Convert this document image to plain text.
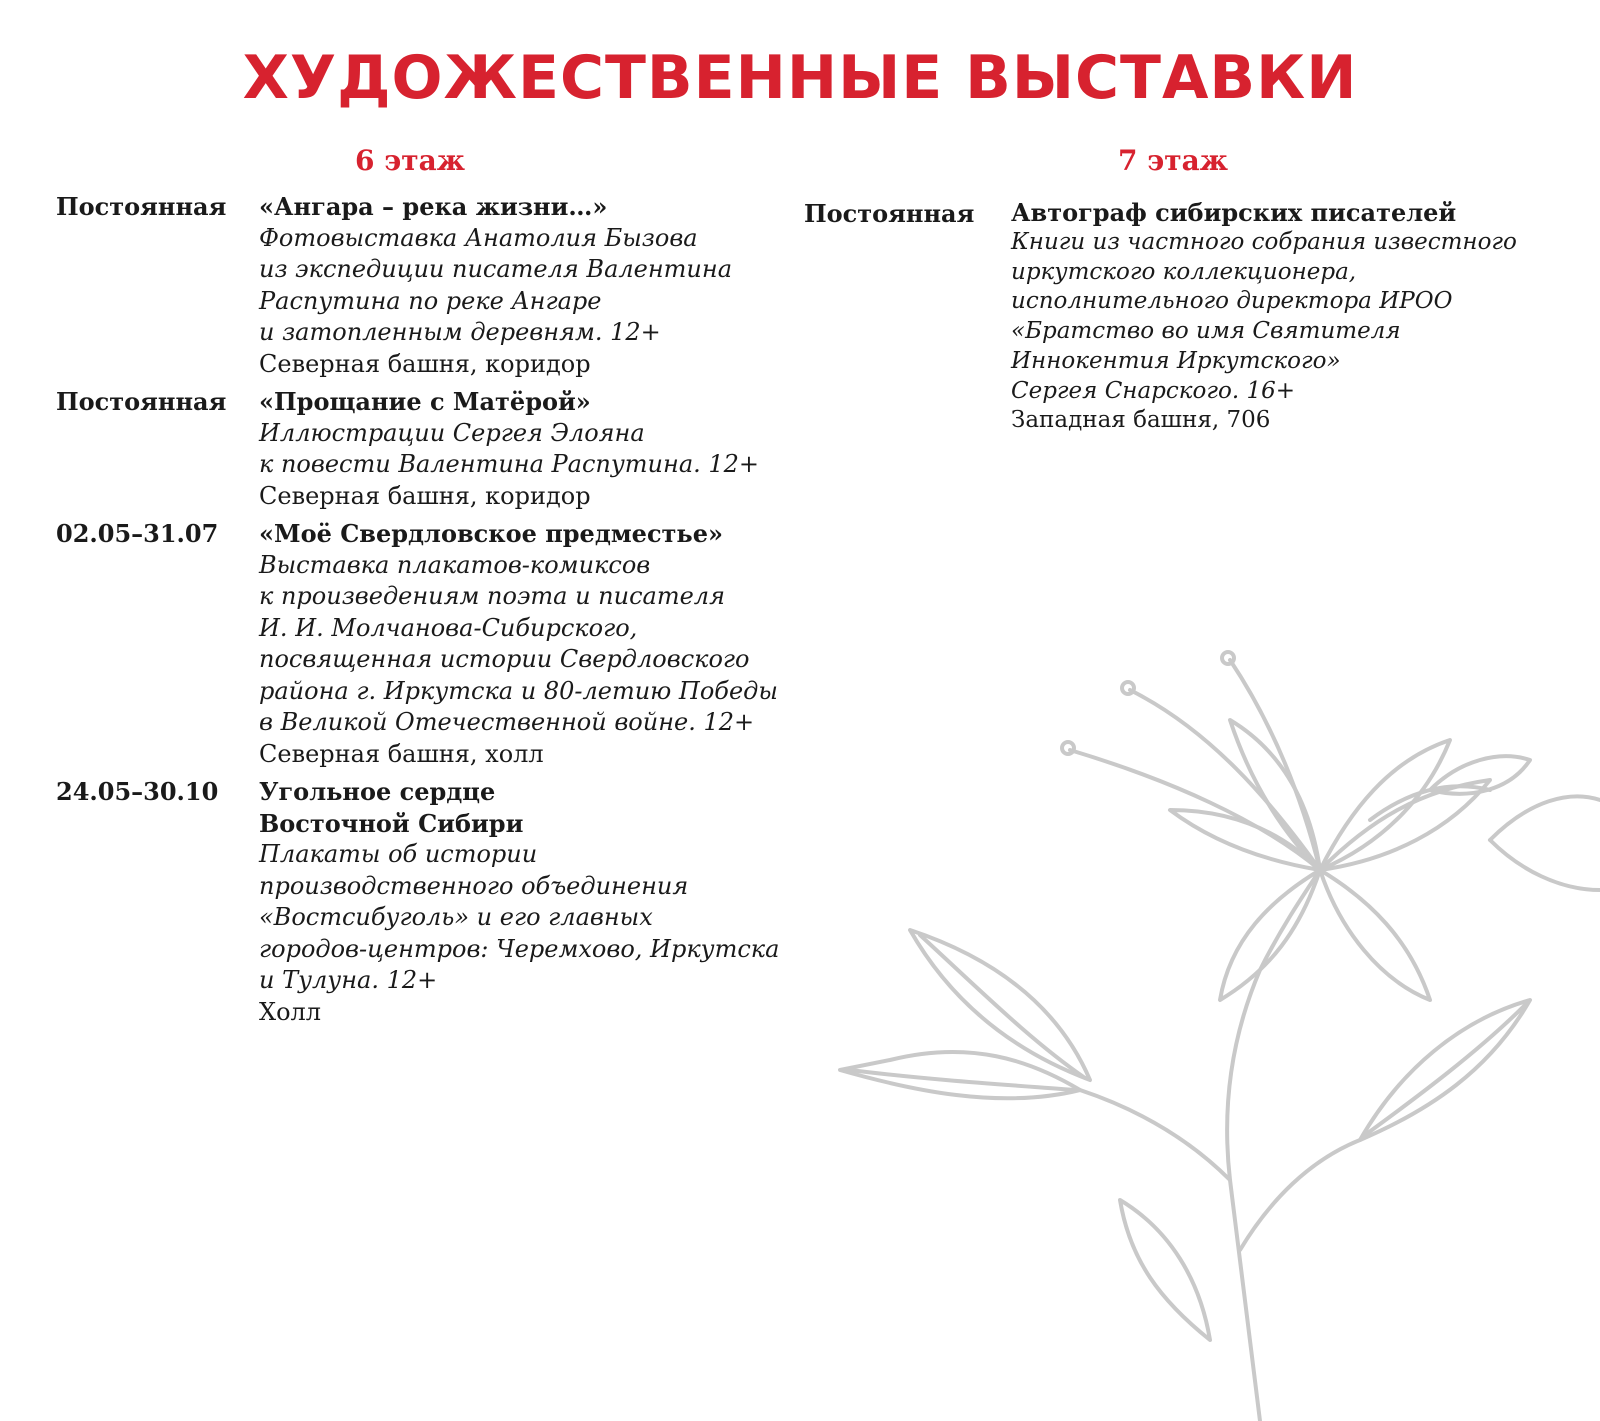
ХУДОЖЕСТВЕННЫЕ ВЫСТАВКИ
6 этаж	7 этаж
Постоянная	«Ангара – река жизни…»
Фотовыставка Анатолия Бызова
из экспедиции писателя Валентина
Распутина по реке Ангаре
и затопленным деревням. 12+
Северная башня, коридор
Постоянная	«Прощание с Матёрой»
Иллюстрации Сергея Элояна
к повести Валентина Распутина. 12+
Северная башня, коридор
02.05–31.07	«Моё Свердловское предместье»
Выставка плакатов-комиксов
к произведениям поэта и писателя
И. И. Молчанова-Сибирского,
посвященная истории Свердловского
района г. Иркутска и 80-летию Победы
в Великой Отечественной войне. 12+
Северная башня, холл
24.05–30.10	Угольное сердце
Восточной Сибири
Плакаты об истории
производственного объединения
«Востсибуголь» и его главных
городов-центров: Черемхово, Иркутска
и Тулуна. 12+
Холл
Постоянная	Автограф сибирских писателей
Книги из частного собрания известного
иркутского коллекционера,
исполнительного директора ИРОО
«Братство во имя Святителя
Иннокентия Иркутского»
Сергея Снарского. 16+
Западная башня, 706
